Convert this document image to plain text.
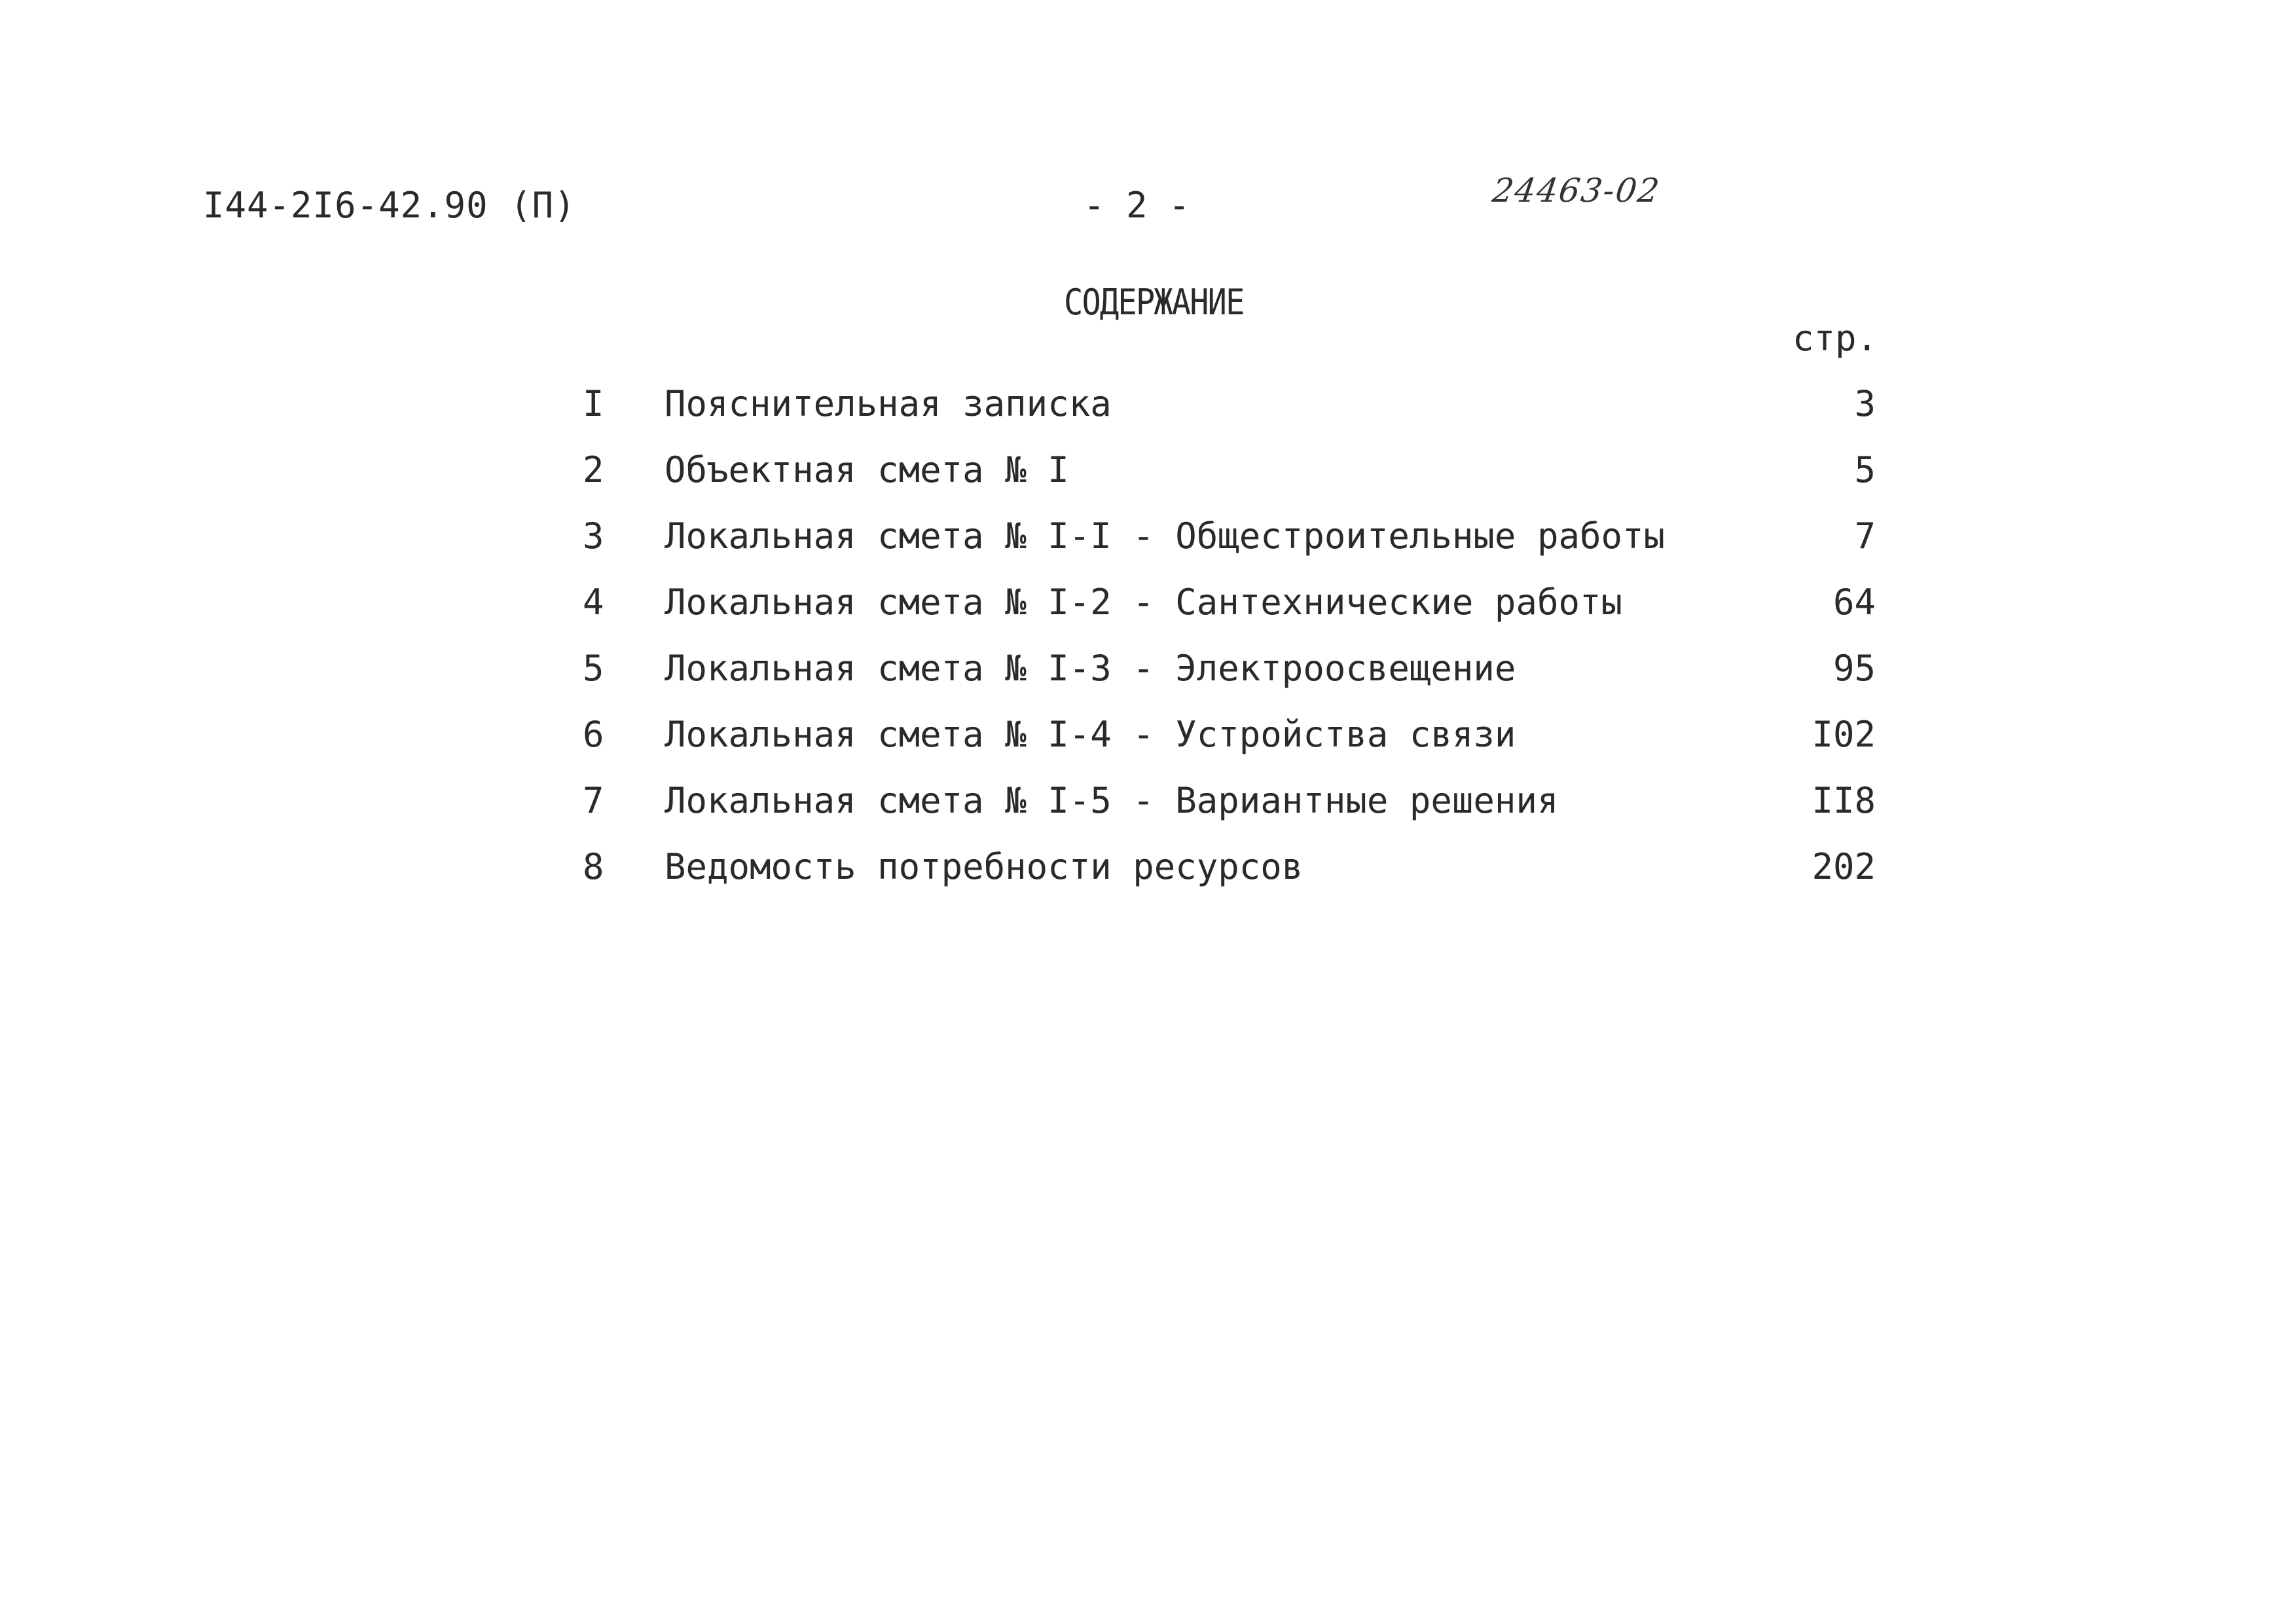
I44-2I6-42.90 (П)	- 2 -	24463-02
СОДЕРЖАНИЕ
стр.
I	Пояснительная записка	3
2	Объектная смета № I	5
3	Локальная смета № I-I - Общестроительные работы	7
4	Локальная смета № I-2 - Сантехнические работы	64
5	Локальная смета № I-3 - Электроосвещение	95
6	Локальная смета № I-4 - Устройства связи	I02
7	Локальная смета № I-5 - Вариантные решения	II8
8	Ведомость потребности ресурсов	202
